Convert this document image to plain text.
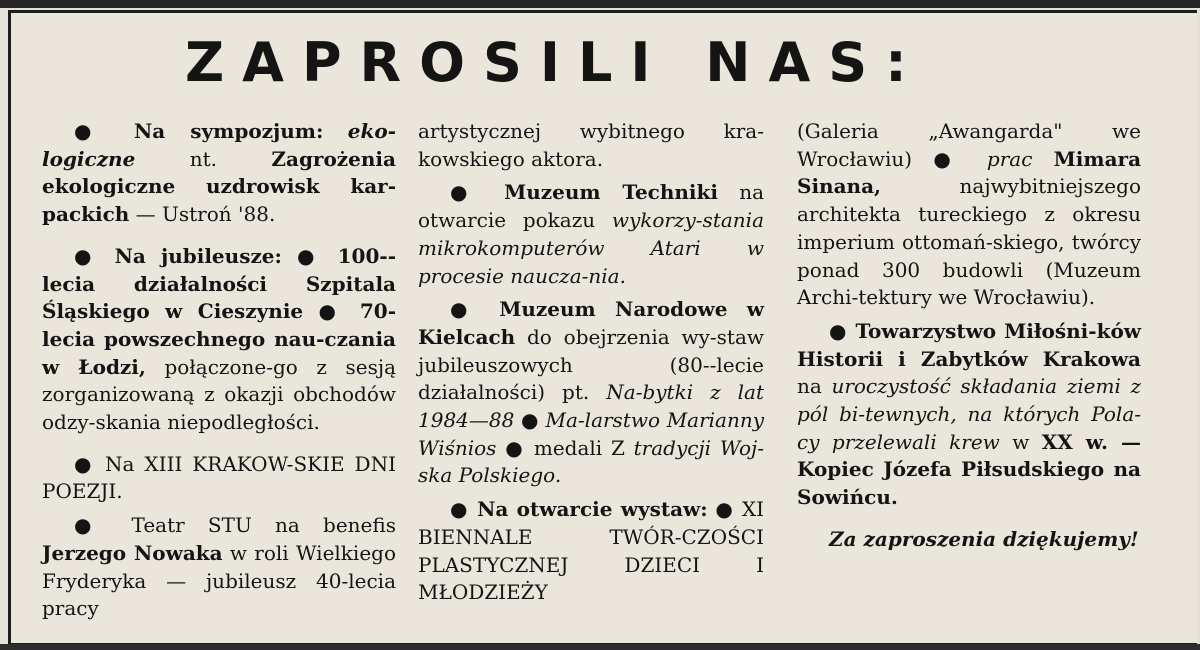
ZAPROSILI NAS:

● Na sympozjum: eko-logiczne	nt.	Zagrożenia ekologiczne uzdrowisk kar-packich — Ustroń '88.

● Na jubileusze: ● 100--lecia działalności Szpitala Śląskiego w Cieszynie ● 70-lecia powszechnego nau-czania w Łodzi, połączone-go z sesją zorganizowaną z okazji obchodów odzy-skania niepodległości.

● Na XIII KRAKOW-SKIE DNI POEZJI.

● Teatr STU na benefis Jerzego Nowaka w roli Wielkiego Fryderyka — jubileusz 40-lecia pracy

artystycznej wybitnego kra-kowskiego aktora.

● Muzeum Techniki na otwarcie pokazu wykorzy-stania mikrokomputerów Atari w procesie naucza-nia.

● Muzeum Narodowe w Kielcach do obejrzenia wy-staw jubileuszowych (80--lecie działalności) pt. Na-bytki z lat 1984—88 ● Ma-larstwo Marianny Wiśnios ● medali Z tradycji Woj-ska Polskiego.

● Na otwarcie wystaw: ● XI BIENNALE TWÓR-CZOŚCI PLASTYCZNEJ DZIECI I MŁODZIEŻY

(Galeria „Awangarda" we Wrocławiu) ● prac Mimara Sinana,	najwybitniejszego architekta tureckiego z okresu imperium ottomań-skiego, twórcy ponad 300 budowli (Muzeum Archi-tektury we Wrocławiu).

● Towarzystwo Miłośni-ków Historii i Zabytków Krakowa na uroczystość składania ziemi z pól bi-tewnych, na których Pola-cy przelewali krew w XX w. — Kopiec Józefa Piłsudskiego na Sowińcu.

Za zaproszenia dziękujemy!
